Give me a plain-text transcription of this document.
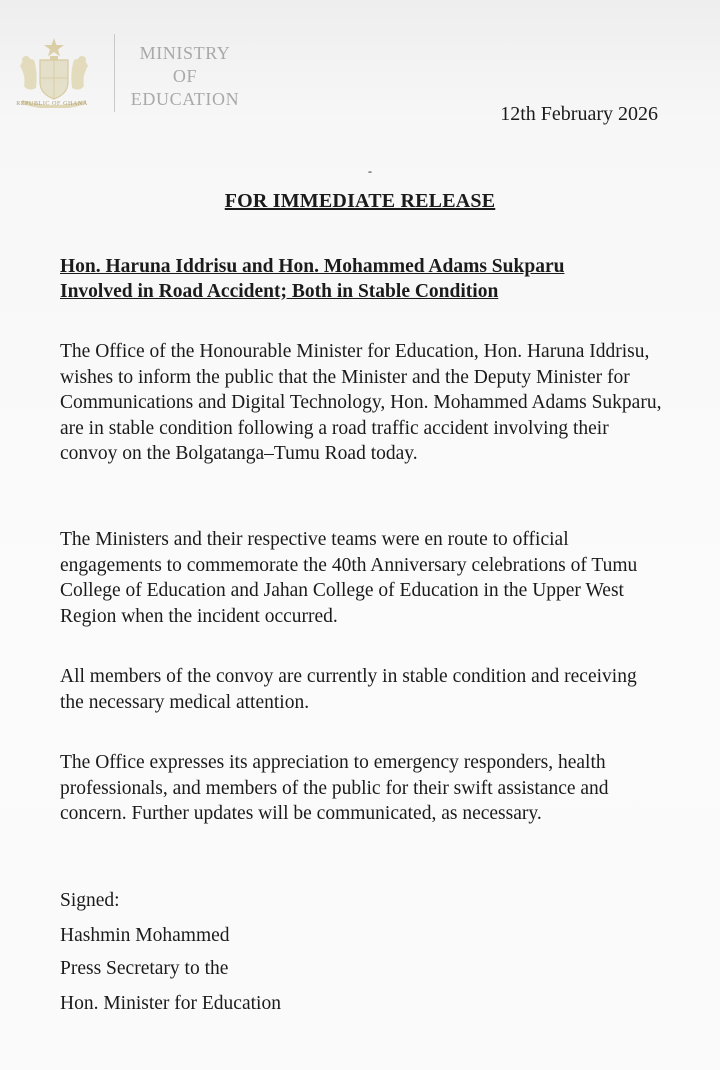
REPUBLIC OF GHANA
MINISTRY
OF
EDUCATION
12th February 2026
-
FOR IMMEDIATE RELEASE
Hon. Haruna Iddrisu and Hon. Mohammed Adams Sukparu
Involved in Road Accident; Both in Stable Condition
The Office of the Honourable Minister for Education, Hon. Haruna Iddrisu, wishes to inform the public that the Minister and the Deputy Minister for Communications and Digital Technology, Hon. Mohammed Adams Sukparu, are in stable condition following a road traffic accident involving their convoy on the Bolgatanga–Tumu Road today.
The Ministers and their respective teams were en route to official engagements to commemorate the 40th Anniversary celebrations of Tumu College of Education and Jahan College of Education in the Upper West Region when the incident occurred.
All members of the convoy are currently in stable condition and receiving the necessary medical attention.
The Office expresses its appreciation to emergency responders, health professionals, and members of the public for their swift assistance and concern. Further updates will be communicated, as necessary.
Signed:
Hashmin Mohammed
Press Secretary to the
Hon. Minister for Education
